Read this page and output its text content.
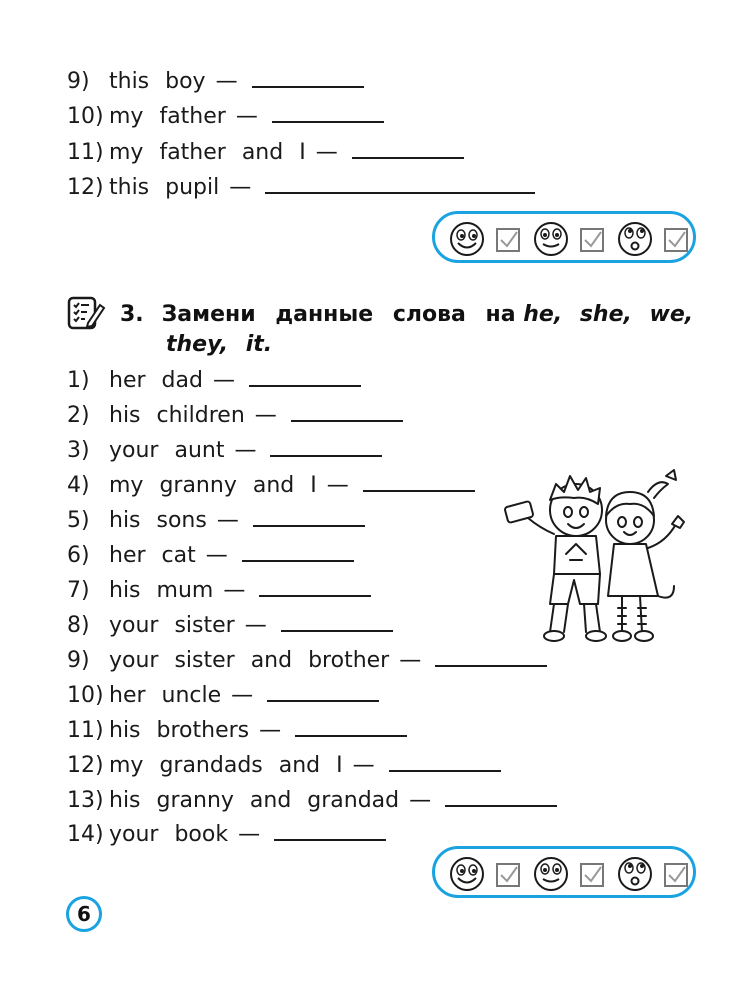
9) this boy —
10) my father —
11) my father and I —
12) this pupil —
3. Замени данные слова на he, she, we,
they, it.
1) her dad —
2) his children —
3) your aunt —
4) my granny and I —
5) his sons —
6) her cat —
7) his mum —
8) your sister —
9) your sister and brother —
10) her uncle —
11) his brothers —
12) my grandads and I —
13) his granny and grandad —
14) your book —
6
